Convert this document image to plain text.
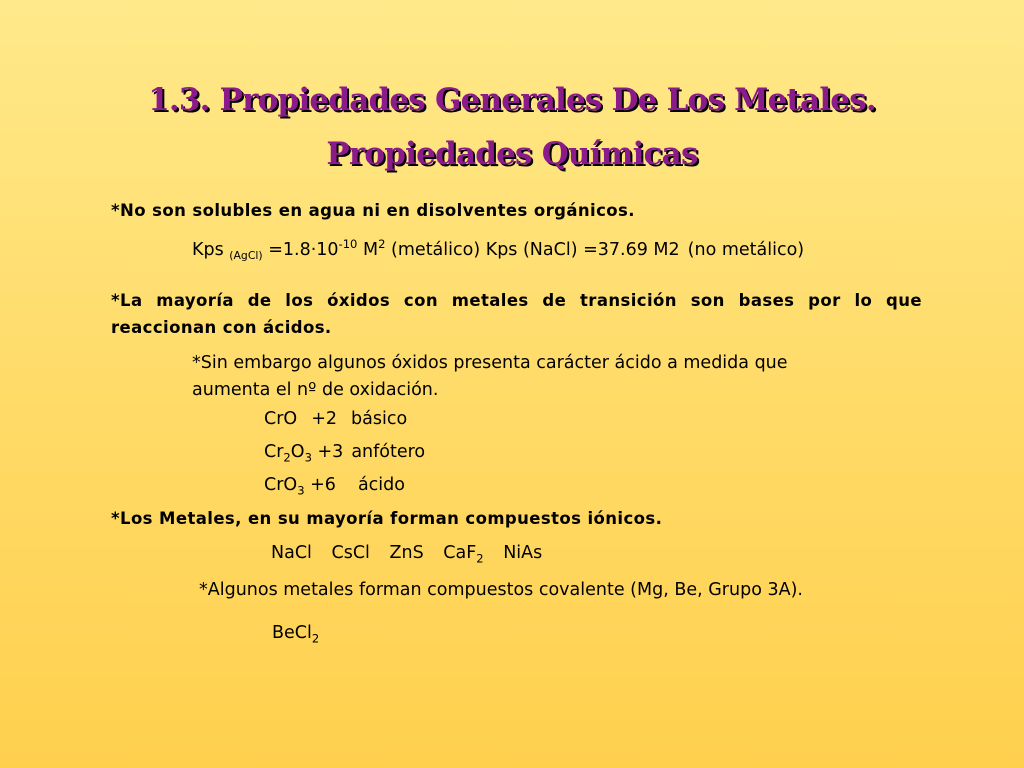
1.3. Propiedades Generales De Los Metales. Propiedades Químicas

*No son solubles en agua ni en disolventes orgánicos.

Kps $_{(AgCl)} =1.8\cdot 10^{-10}$ $M^2$ (metálico) Kps (NaCl) =37.69 M2 (no metálico)

*La mayoría de los óxidos con metales de transición son bases por lo que reaccionan con ácidos.

*Sin embargo algunos óxidos presenta carácter ácido a medida que
aumenta el nº de oxidación.

CrO +2 básico

$Cr_2O_3 +3$ anfótero

CrO$_3$ +6 ácido

*Los Metales, en su mayoría forman compuestos iónicos.

NaCl CsCl ZnS CaF$_2$ NiAs

*Algunos metales forman compuestos covalente (Mg, Be, Grupo 3A).

BeCl$_2$
